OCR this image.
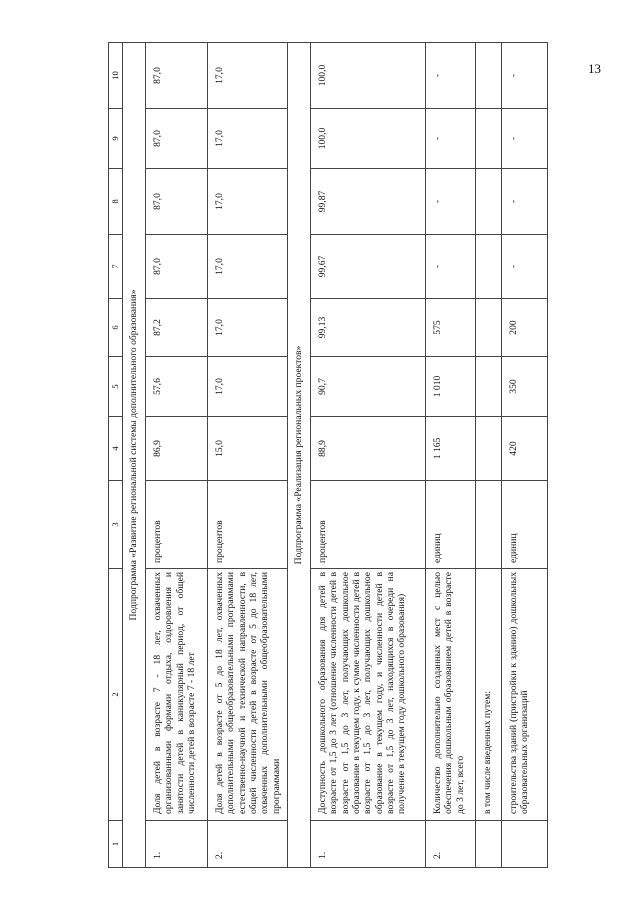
13
1	2	3	4	5	6	7	8	9	10
Подпрограмма «Развитие региональной системы дополнительного образования»									
1.	Доля детей в возрасте 7 - 18 лет, охваченных организованными формами отдыха, оздоровления и занятости детей в каникулярный период, от общей численности детей в возрасте 7 - 18 лет	процентов	86,9	57,6	87,2	87,0	87,0	87,0	87,0
2.	Доля детей в возрасте от 5 до 18 лет, охваченных дополнительными общеобразовательными программами естественно-научной и технической направленности, в общей численности детей в возрасте от 5 до 18 лет, охваченных дополнительными общеобразовательными программами	процентов	15,0	17,0	17,0	17,0	17,0	17,0	17,0
Подпрограмма «Реализация региональных проектов»									
1.	Доступность дошкольного образования для детей в возрасте от 1,5 до 3 лет (отношение численности детей в возрасте от 1,5 до 3 лет, получающих дошкольное образование в текущем году, к сумме численности детей в возрасте от 1,5 до 3 лет, получающих дошкольное образование в текущем году, и численности детей в возрасте от 1,5 до 3 лет, находящихся в очереди на получение в текущем году дошкольного образования)	процентов	88,9	90,7	99,13	99,67	99,87	100,0	100,0
2.	Количество дополнительно созданных мест с целью обеспечения дошкольным образованием детей в возрасте до 3 лет, всего	единиц	1 165	1 010	575	-	-	-	-
	в том числе введенных путем:								
	строительства зданий (пристройки к зданию) дошкольных образовательных организаций	единиц	420	350	200	-	-	-	-
